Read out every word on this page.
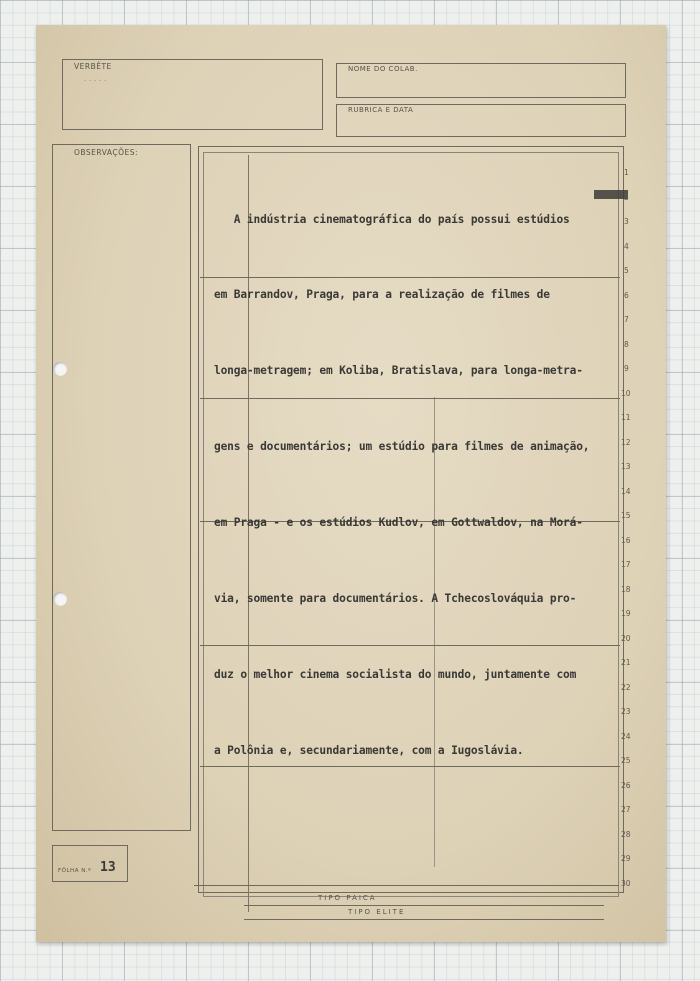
VERBÊTE
- - - - -
NOME DO COLAB.
RUBRICA E DATA
OBSERVAÇÕES:
FÔLHA N.º 13
TIPO PAICA
TIPO ELITE

A indústria cinematográfica do país possui estúdios

em Barrandov, Praga, para a realização de filmes de

longa-metragem; em Koliba, Bratislava, para longa-metra-

gens e documentários; um estúdio para filmes de animação,

em Praga - e os estúdios Kudlov, em Gottwaldov, na Morá-

via, somente para documentários. A Tchecoslováquia pro-

duz o melhor cinema socialista do mundo, juntamente com

a Polônia e, secundariamente, com a Iugoslávia.

1
2
3
4
5
6
7
8
9
10
11
12
13
14
15
16
17
18
19
20
21
22
23
24
25
26
27
28
29
30
